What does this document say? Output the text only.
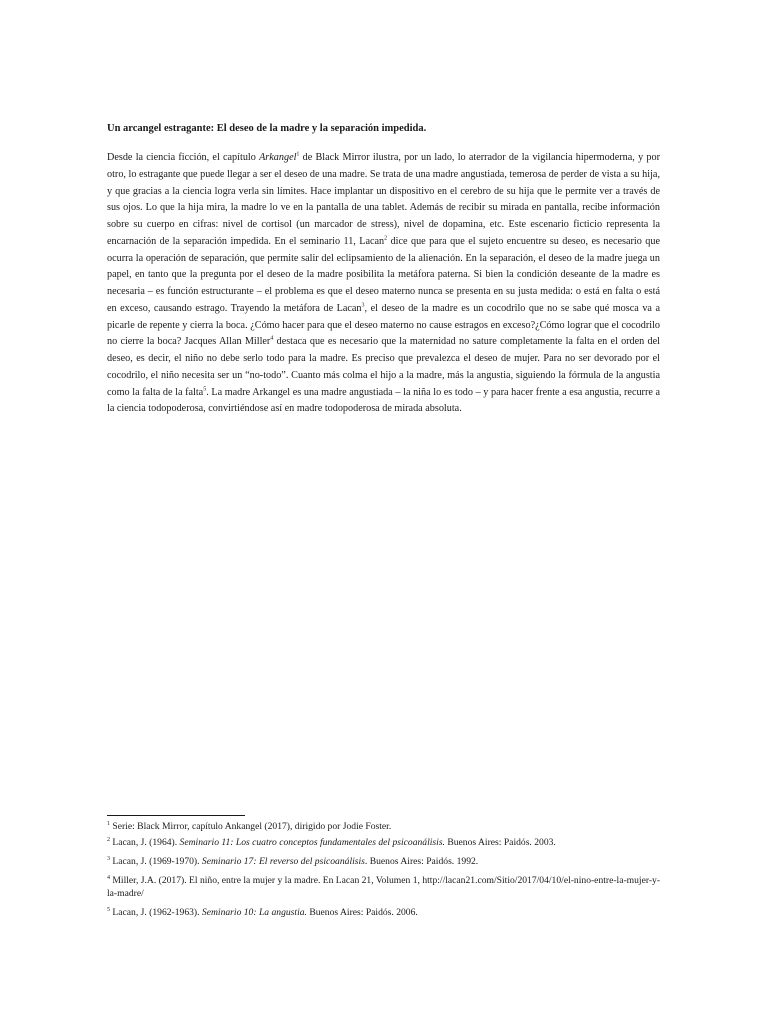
Un arcangel estragante: El deseo de la madre y la separación impedida.

Desde la ciencia ficción, el capítulo Arkangel$^1$ de Black Mirror ilustra, por un lado, lo aterrador de la vigilancia hipermoderna, y por otro, lo estragante que puede llegar a ser el deseo de una madre. Se trata de una madre angustiada, temerosa de perder de vista a su hija, y que gracias a la ciencia logra verla sin límites. Hace implantar un dispositivo en el cerebro de su hija que le permite ver a través de sus ojos. Lo que la hija mira, la madre lo ve en la pantalla de una tablet. Además de recibir su mirada en pantalla, recibe información sobre su cuerpo en cifras: nivel de cortisol (un marcador de stress), nivel de dopamina, etc. Este escenario ficticio representa la encarnación de la separación impedida. En el seminario 11, Lacan$^2$ dice que para que el sujeto encuentre su deseo, es necesario que ocurra la operación de separación, que permite salir del eclipsamiento de la alienación. En la separación, el deseo de la madre juega un papel, en tanto que la pregunta por el deseo de la madre posibilita la metáfora paterna. Si bien la condición deseante de la madre es necesaria – es función estructurante – el problema es que el deseo materno nunca se presenta en su justa medida: o está en falta o está en exceso, causando estrago. Trayendo la metáfora de Lacan$^3$, el deseo de la madre es un cocodrilo que no se sabe qué mosca va a picarle de repente y cierra la boca. ¿Cómo hacer para que el deseo materno no cause estragos en exceso?¿Cómo lograr que el cocodrilo no cierre la boca? Jacques Allan Miller$^4$ destaca que es necesario que la maternidad no sature completamente la falta en el orden del deseo, es decir, el niño no debe serlo todo para la madre. Es preciso que prevalezca el deseo de mujer. Para no ser devorado por el cocodrilo, el niño necesita ser un “no-todo”. Cuanto más colma el hijo a la madre, más la angustia, siguiendo la fórmula de la angustia como la falta de la falta$^5$. La madre Arkangel es una madre angustiada – la niña lo es todo – y para hacer frente a esa angustia, recurre a la ciencia todopoderosa, convirtiéndose así en madre todopoderosa de mirada absoluta.

$^1$ Serie: Black Mirror, capítulo Ankangel (2017), dirigido por Jodie Foster.

$^2$ Lacan, J. (1964). Seminario 11: Los cuatro conceptos fundamentales del psicoanálisis. Buenos Aires: Paidós. 2003.

$^3$ Lacan, J. (1969-1970). Seminario 17: El reverso del psicoanálisis. Buenos Aires: Paidós. 1992.

$^4$ Miller, J.A. (2017). El niño, entre la mujer y la madre. En Lacan 21, Volumen 1, http://lacan21.com/Sitio/2017/04/10/el-nino-entre-la-mujer-y-la-madre/

$^5$ Lacan, J. (1962-1963). Seminario 10: La angustia. Buenos Aires: Paidós. 2006.
